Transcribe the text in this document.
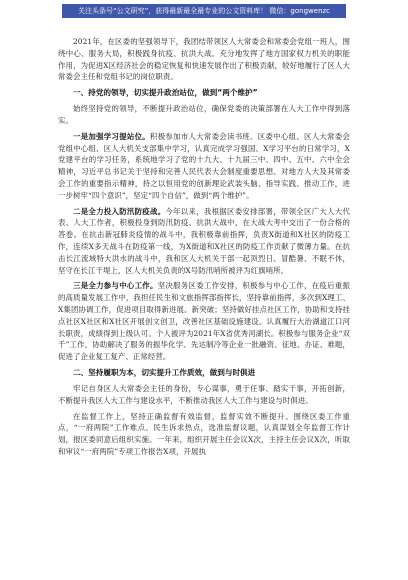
关注头条号“公文研究”，获得最新最全最专业的公文资料库！ 微信：gongwenzc

2021年，在区委的坚强领导下，我团结带领区人大常委会和常委会党组一班人，围绕中心、服务大局，积极践身抗疫、抗洪大战。充分地发挥了地方国家权力机关的职能作用，为促进X区经济社会的稳定恢复和快速发展作出了积极贡献，较好地履行了区人大常委会主任和党组书记的岗位职责。

一、持党的领导，切实提升政治站位，做到“两个维护”

始终坚持党的领导，不断提升政治站位，确保党委的决策部署在人大工作中得到落实。

一是加强学习提站位。积极参加市人大常委会读书班、区委中心组、区人大常委会党组中心组、区人大机关支部集中学习，认真完成学习强国、X学习平台的日常学习，X党建平台的学习任务，系统地学习了党的十九大、十九届三中、四中、五中、六中全会精神，习近平总书记关于坚持和完善人民代表大会制度重要思想、对地方人大及其常委会工作的重要指示精神，持之以恒用党的创新理论武装头脑、指导实践、推动工作，进一步树牢“四个意识”，坚定“四个自信”，做到“两个维护”。

二是全力投入防汛防疫战。今年以来，我根据区委安排部署，带领全区广大人大代表、人大工作者，积极投身到防汛防疫、抗洪大战中，在大战大考中交出了一份合格的答卷。在抗击新冠肺炎疫情的战斗中，我积极靠前指挥，负责X街道和X社区的防疫工作，连续X多天战斗在防疫第一线，为X街道和X社区的防疫工作贡献了微薄力量。在抗击长江流域特大洪水的战斗中，我和区人大机关干部一起顶烈日、冒酷暑、不眠不休，坚守在长江干堤上，区人大机关负责的X号防汛哨所被评为红旗哨所。

三是全力参与中心工作。坚决服务区委工作安排，积极参与中心工作，在疫后重振的高质量发展工作中，我担任民生和文旅指挥部指挥长，坚持靠前指挥，多次到X理工、X集团协调工作，促进项目取得新进展。新突破；坚持做好挂点社区工作，协助和支持挂点社区X社区和X社区开展创文创卫，改善社区基础设施建设。认真履行大治湖道江口河长职责，成绩得到上级认可。个人被评为2021年X省优秀河湖长。积极参与服务企业“双千”工作，协助解决了服务的振华化学、先达制冷等企业一批融资、征地、办证、难题，促进了企业复工复产、正常经营。

二、坚持履职为本，切实提升工作质效，做到与时俱进

牢记自身区人大常委会主任的身份，专心谋事，勇于任事、踏实干事，开拓创新，不断提升我区人大工作与建设水平，不断推动我区人大工作与建设与时俱进。

在监督工作上，坚持正确监督有效监督，监督实效不断提升。围绕区委工作重点，“一府两院”工作难点、民生诉求热点，选准监督议题，认真谋划全年监督工作计划，报区委同意后组织实施。一年来，组织开展主任会议X次，主持主任会议X次，听取和审议“一府两院”专项工作报告X项，开展执
